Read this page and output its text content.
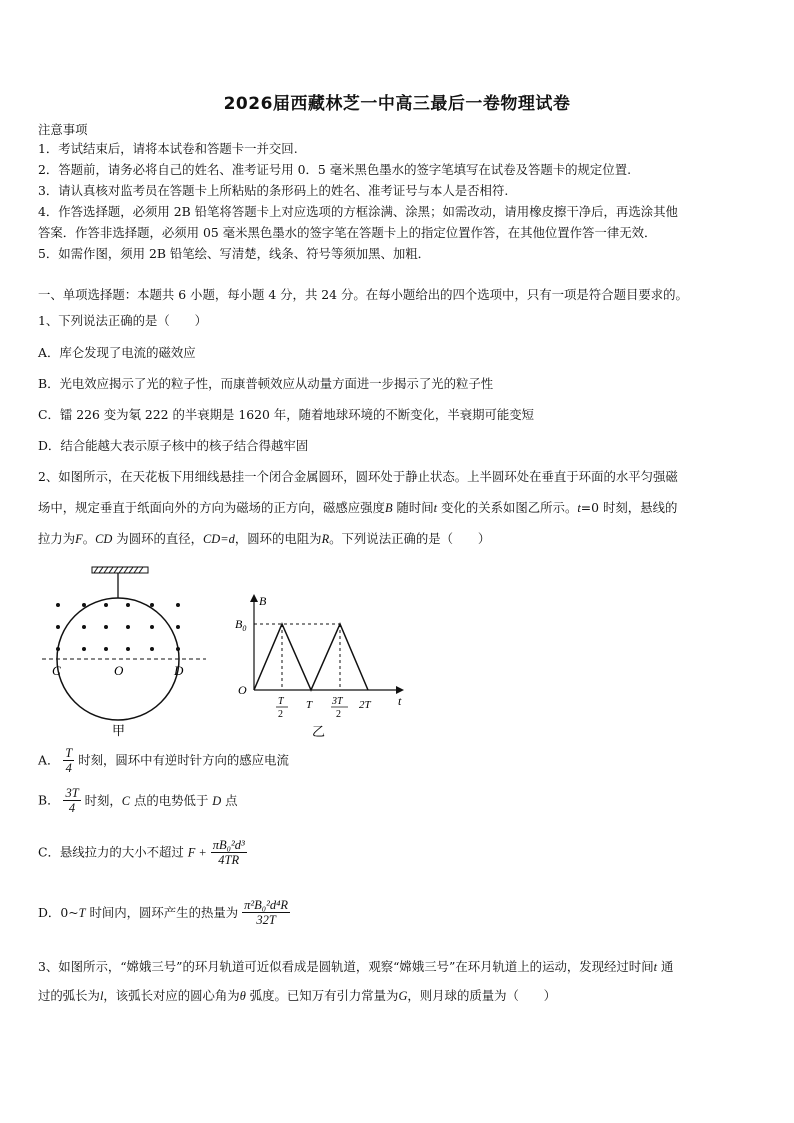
2026届西藏林芝一中高三最后一卷物理试卷
注意事项
1．考试结束后，请将本试卷和答题卡一并交回.
2．答题前，请务必将自己的姓名、准考证号用 0．5 毫米黑色墨水的签字笔填写在试卷及答题卡的规定位置.
3．请认真核对监考员在答题卡上所粘贴的条形码上的姓名、准考证号与本人是否相符.
4．作答选择题，必须用 2B 铅笔将答题卡上对应选项的方框涂满、涂黑；如需改动，请用橡皮擦干净后，再选涂其他
答案．作答非选择题，必须用 05 毫米黑色墨水的签字笔在答题卡上的指定位置作答，在其他位置作答一律无效．
5．如需作图，须用 2B 铅笔绘、写清楚，线条、符号等须加黑、加粗．
一、单项选择题：本题共 6 小题，每小题 4 分，共 24 分。在每小题给出的四个选项中，只有一项是符合题目要求的。
1、下列说法正确的是（　　）
A．库仑发现了电流的磁效应
B．光电效应揭示了光的粒子性，而康普顿效应从动量方面进一步揭示了光的粒子性
C．镭 226 变为氡 222 的半衰期是 1620 年，随着地球环境的不断变化，半衰期可能变短
D．结合能越大表示原子核中的核子结合得越牢固
2、如图所示，在天花板下用细线悬挂一个闭合金属圆环，圆环处于静止状态。上半圆环处在垂直于环面的水平匀强磁
场中，规定垂直于纸面向外的方向为磁场的正方向，磁感应强度B 随时间t 变化的关系如图乙所示。t=0 时刻，悬线的
拉力为F。CD 为圆环的直径，CD=d，圆环的电阻为R。下列说法正确的是（　　）
C	O	D
甲
B
t
O
$B_0$
T
2
T 3T
2
2T
乙
A． $\frac{T}{4}$ 时刻，圆环中有逆时针方向的感应电流
B． $\frac{3T}{4}$ 时刻，C 点的电势低于 D 点
C．悬线拉力的大小不超过 $F + \frac{\text{πB₀²d³}}{4TR}$
D．0~T 时间内，圆环产生的热量为 $\frac{\text{π²B₀²d⁴R}}{32T}$
3、如图所示，“嫦娥三号”的环月轨道可近似看成是圆轨道，观察“嫦娥三号”在环月轨道上的运动，发现经过时间t 通
过的弧长为l，该弧长对应的圆心角为θ 弧度。已知万有引力常量为G，则月球的质量为（　　）
